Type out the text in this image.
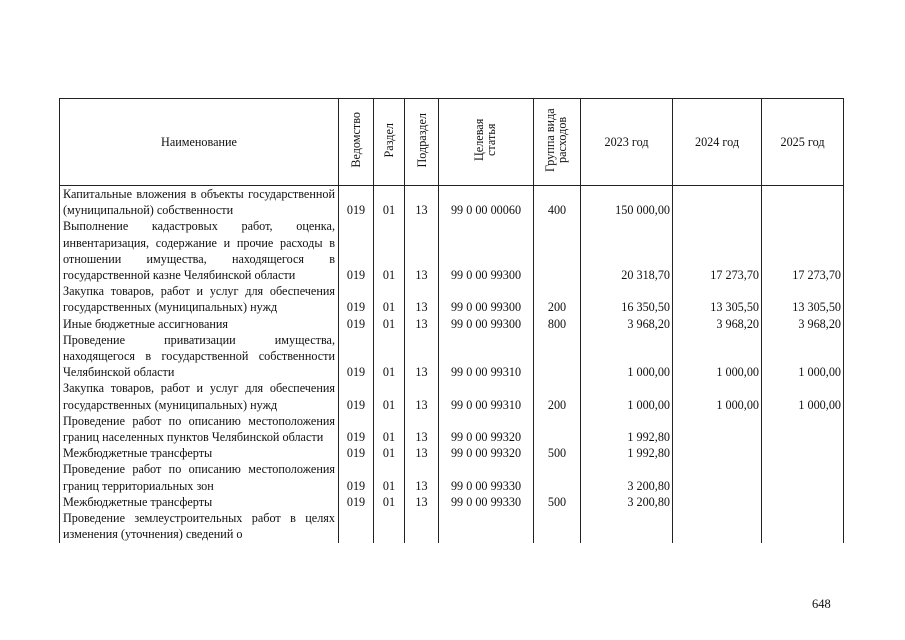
Наименование	Ведомство	Раздел	Подраздел	Целевая статья	Группа вида расходов	2023 год	2024 год	2025 год
Капитальные вложения в объекты государственной (муниципальной) собственности	019	01	13	99 0 00 00060	400	150 000,00		
Выполнение кадастровых работ, оценка, инвентаризация, содержание и прочие расходы в отношении имущества, находящегося в государственной казне Челябинской области	019	01	13	99 0 00 99300		20 318,70	17 273,70	17 273,70
Закупка товаров, работ и услуг для обеспечения государственных (муниципальных) нужд	019	01	13	99 0 00 99300	200	16 350,50	13 305,50	13 305,50
Иные бюджетные ассигнования	019	01	13	99 0 00 99300	800	3 968,20	3 968,20	3 968,20
Проведение приватизации имущества, находящегося в государственной собственности Челябинской области	019	01	13	99 0 00 99310		1 000,00	1 000,00	1 000,00
Закупка товаров, работ и услуг для обеспечения государственных (муниципальных) нужд	019	01	13	99 0 00 99310	200	1 000,00	1 000,00	1 000,00
Проведение работ по описанию местоположения границ населенных пунктов Челябинской области	019	01	13	99 0 00 99320		1 992,80		
Межбюджетные трансферты	019	01	13	99 0 00 99320	500	1 992,80		
Проведение работ по описанию местоположения границ территориальных зон	019	01	13	99 0 00 99330		3 200,80		
Межбюджетные трансферты	019	01	13	99 0 00 99330	500	3 200,80		
Проведение землеустроительных работ в целях изменения (уточнения) сведений о								
648
